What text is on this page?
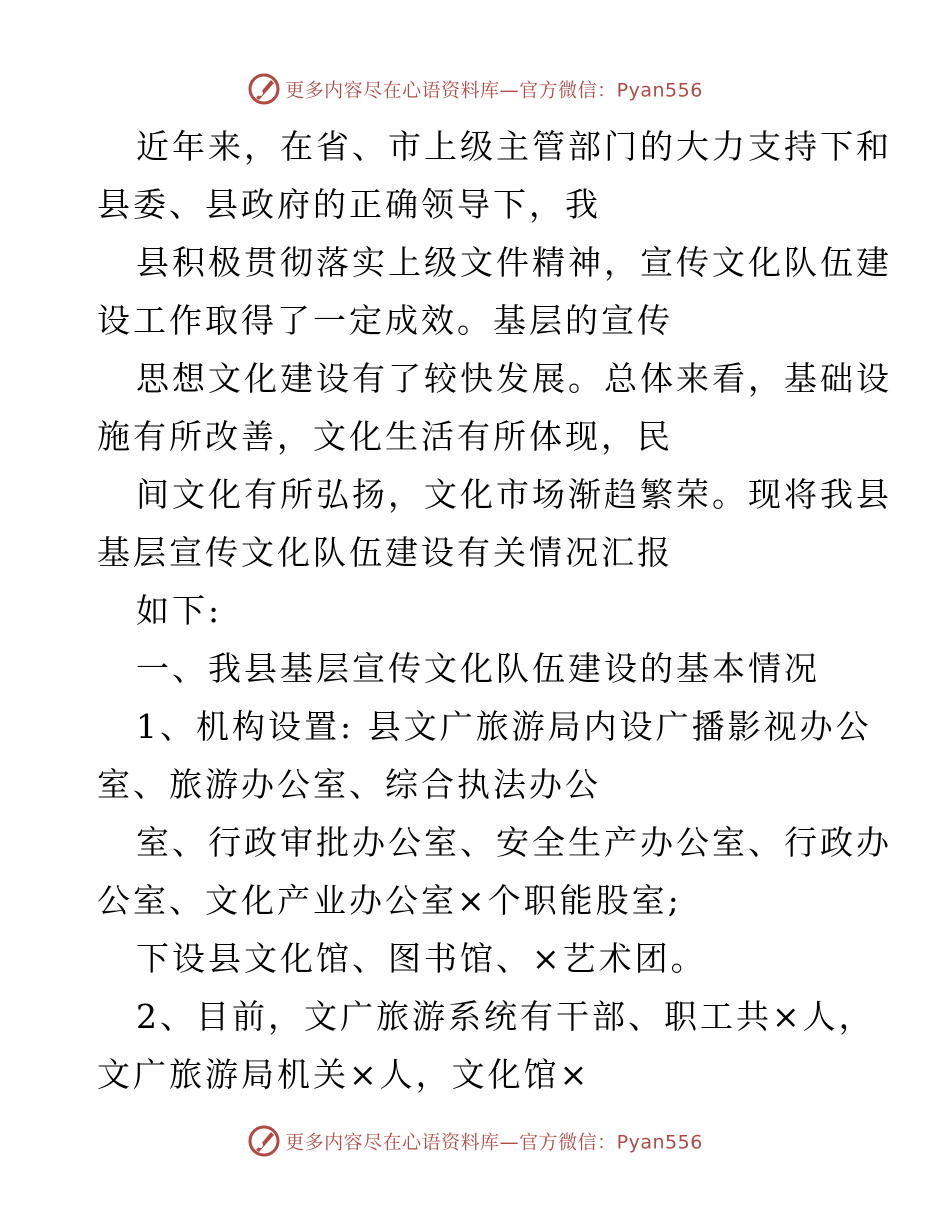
更多内容尽在心语资料库—官方微信：Pyan556
近年来，在省、市上级主管部门的大力支持下和
县委、县政府的正确领导下，我
县积极贯彻落实上级文件精神，宣传文化队伍建
设工作取得了一定成效。基层的宣传
思想文化建设有了较快发展。总体来看，基础设
施有所改善，文化生活有所体现，民
间文化有所弘扬，文化市场渐趋繁荣。现将我县
基层宣传文化队伍建设有关情况汇报
如下:
一、我县基层宣传文化队伍建设的基本情况
1、机构设置: 县文广旅游局内设广播影视办公
室、旅游办公室、综合执法办公
室、行政审批办公室、安全生产办公室、行政办
公室、文化产业办公室×个职能股室;
下设县文化馆、图书馆、×艺术团。
2、目前，文广旅游系统有干部、职工共×人，
文广旅游局机关×人，文化馆×
更多内容尽在心语资料库—官方微信：Pyan556
